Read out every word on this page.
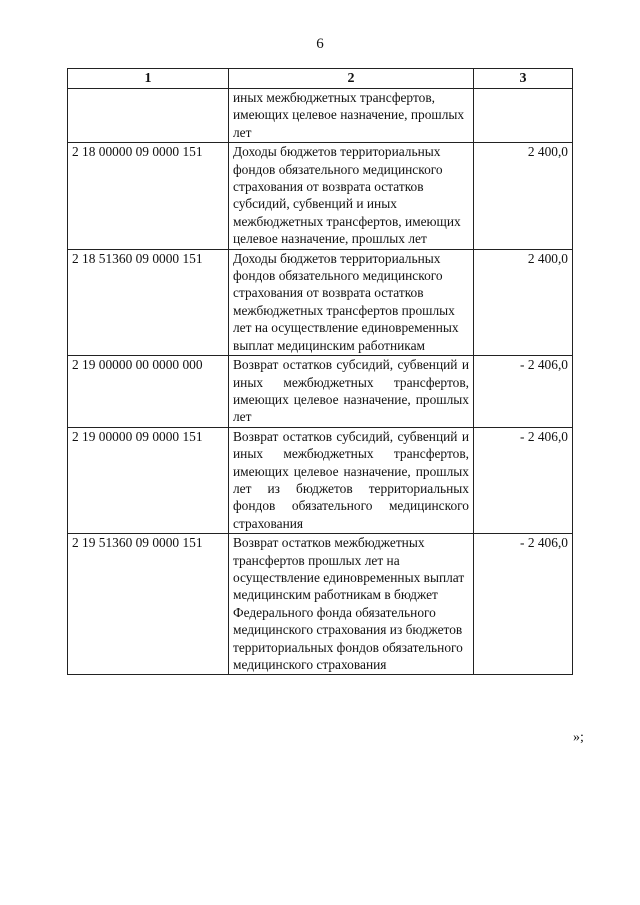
6
1	2	3
	иных межбюджетных трансфертов, имеющих целевое назначение, прошлых лет	
2 18 00000 09 0000 151	Доходы бюджетов территориальных фондов обязательного медицинского страхования от возврата остатков субсидий, субвенций и иных межбюджетных трансфертов, имеющих целевое назначение, прошлых лет	2 400,0
2 18 51360 09 0000 151	Доходы бюджетов территориальных фондов обязательного медицинского страхования от возврата остатков межбюджетных трансфертов прошлых лет на осуществление единовременных выплат медицинским работникам	2 400,0
2 19 00000 00 0000 000	Возврат остатков субсидий, субвенций и иных межбюджетных трансфертов, имеющих целевое назначение, прошлых лет	- 2 406,0
2 19 00000 09 0000 151	Возврат остатков субсидий, субвенций и иных межбюджетных трансфертов, имеющих целевое назначение, прошлых лет из бюджетов территориальных фондов обязательного медицинского страхования	- 2 406,0
2 19 51360 09 0000 151	Возврат остатков межбюджетных трансфертов прошлых лет на осуществление единовременных выплат медицинским работникам в бюджет Федерального фонда обязательного медицинского страхования из бюджетов территориальных фондов обязательного медицинского страхования	- 2 406,0
»;
